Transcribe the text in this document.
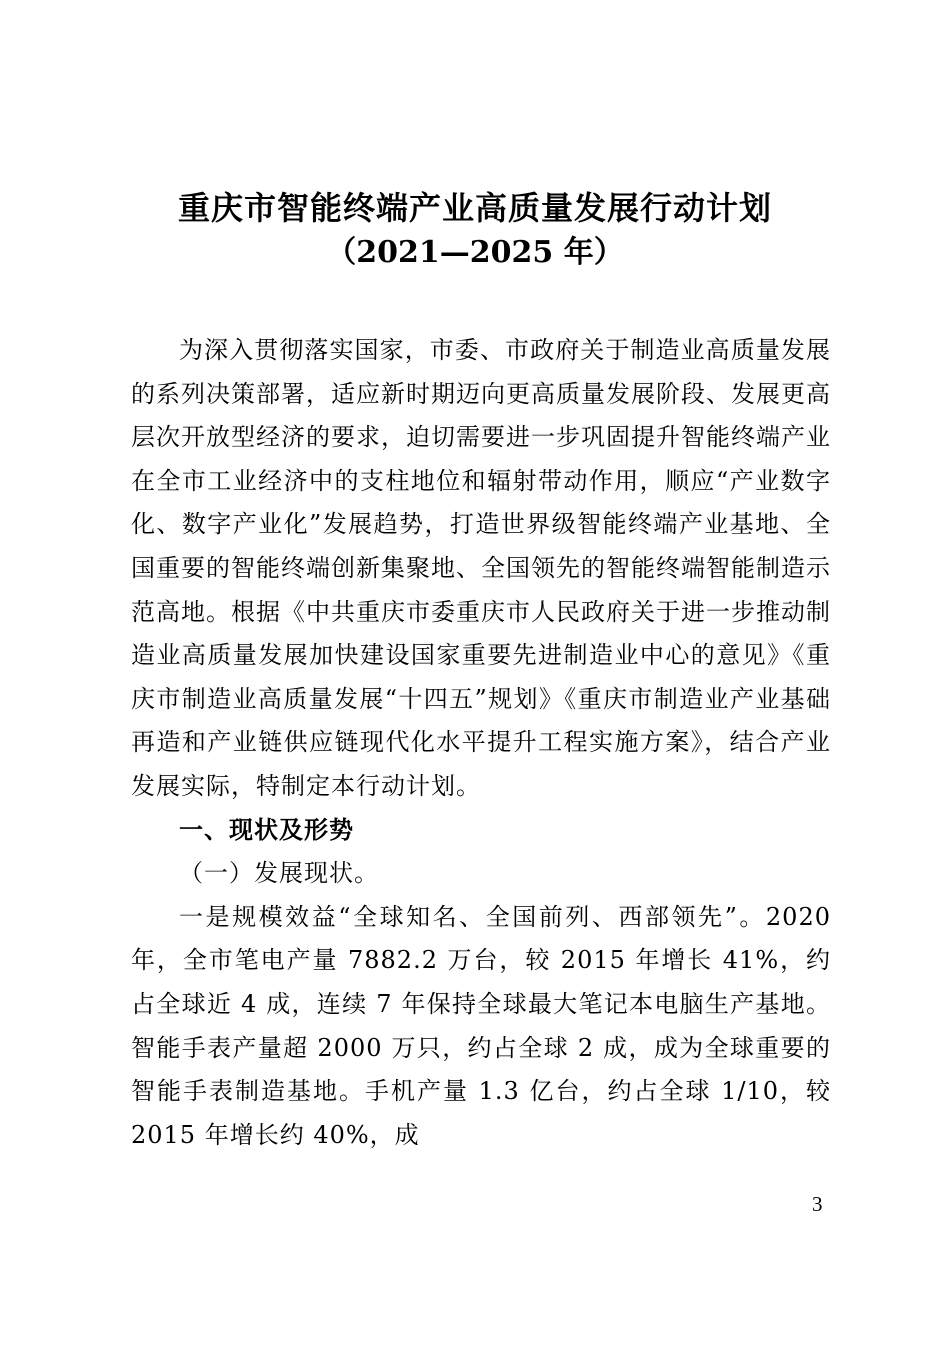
重庆市智能终端产业高质量发展行动计划
（2021—2025 年）

为深入贯彻落实国家，市委、市政府关于制造业高质量发展的系列决策部署，适应新时期迈向更高质量发展阶段、发展更高层次开放型经济的要求，迫切需要进一步巩固提升智能终端产业在全市工业经济中的支柱地位和辐射带动作用，顺应“产业数字化、数字产业化”发展趋势，打造世界级智能终端产业基地、全国重要的智能终端创新集聚地、全国领先的智能终端智能制造示范高地。根据《中共重庆市委重庆市人民政府关于进一步推动制造业高质量发展加快建设国家重要先进制造业中心的意见》《重庆市制造业高质量发展“十四五”规划》《重庆市制造业产业基础再造和产业链供应链现代化水平提升工程实施方案》，结合产业发展实际，特制定本行动计划。

一、现状及形势

（一）发展现状。

一是规模效益“全球知名、全国前列、西部领先”。2020 年，全市笔电产量 7882.2 万台，较 2015 年增长 41%，约占全球近 4 成，连续 7 年保持全球最大笔记本电脑生产基地。智能手表产量超 2000 万只，约占全球 2 成，成为全球重要的智能手表制造基地。手机产量 1.3 亿台，约占全球 1/10，较 2015 年增长约 40%，成

3
